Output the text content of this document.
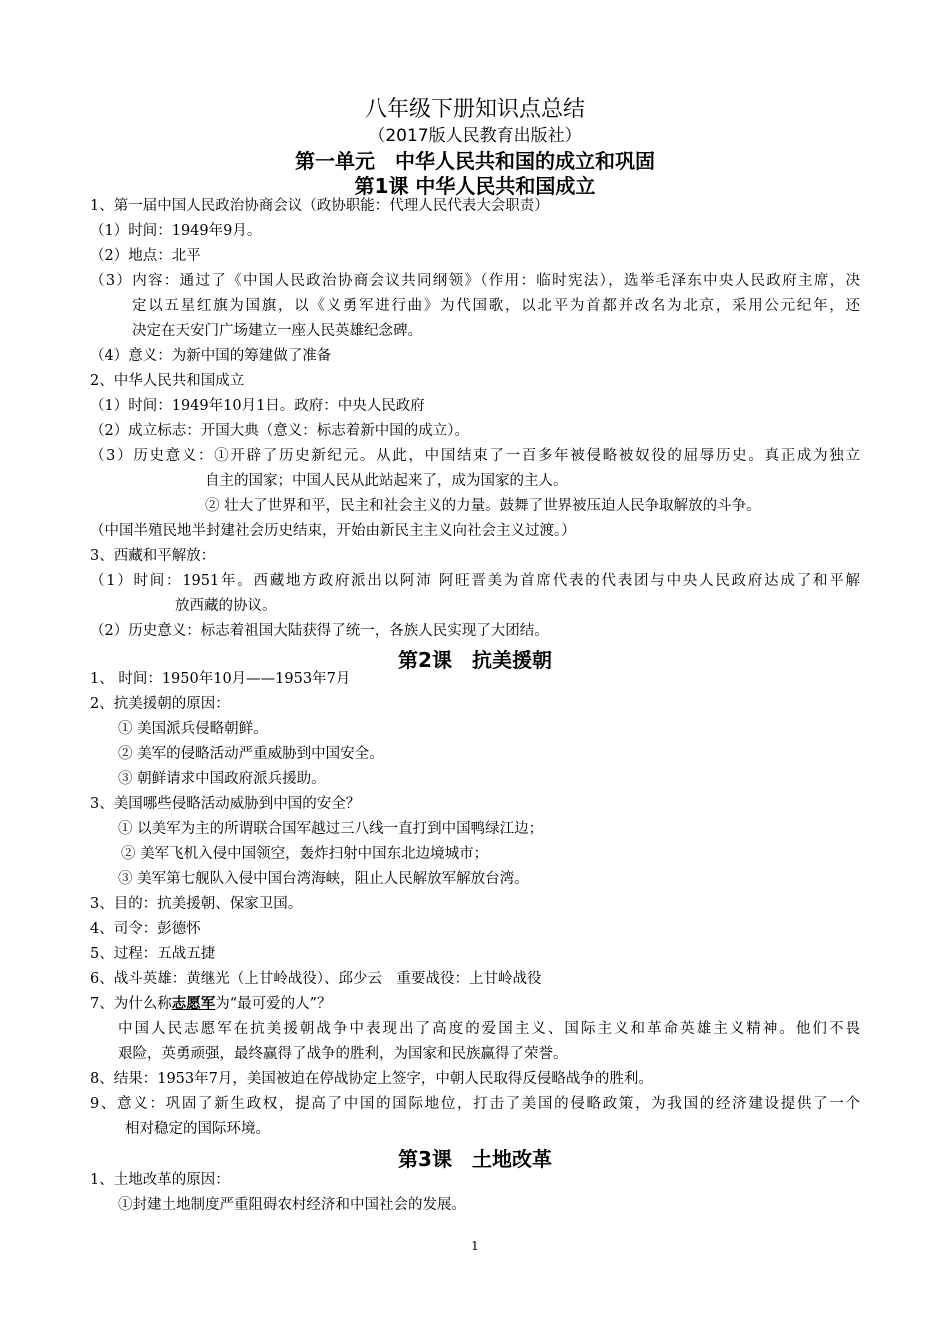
八年级下册知识点总结
（2017版人民教育出版社）
第一单元　中华人民共和国的成立和巩固
第1课 中华人民共和国成立
1、第一届中国人民政治协商会议（政协职能：代理人民代表大会职责）
（1）时间：1949年9月。
（2）地点：北平
（3）内容：通过了《中国人民政治协商会议共同纲领》（作用：临时宪法），选举毛泽东中央人民政府主席，决
定以五星红旗为国旗，以《义勇军进行曲》为代国歌，以北平为首都并改名为北京，采用公元纪年，还
决定在天安门广场建立一座人民英雄纪念碑。
（4）意义：为新中国的筹建做了准备
2、中华人民共和国成立
（1）时间：1949年10月1日。政府：中央人民政府
（2）成立标志：开国大典（意义：标志着新中国的成立）。
（3）历史意义：①开辟了历史新纪元。从此，中国结束了一百多年被侵略被奴役的屈辱历史。真正成为独立
自主的国家；中国人民从此站起来了，成为国家的主人。
② 壮大了世界和平，民主和社会主义的力量。鼓舞了世界被压迫人民争取解放的斗争。
（中国半殖民地半封建社会历史结束，开始由新民主主义向社会主义过渡。）
3、西藏和平解放：
（1）时间：1951年。西藏地方政府派出以阿沛 阿旺晋美为首席代表的代表团与中央人民政府达成了和平解
放西藏的协议。
（2）历史意义：标志着祖国大陆获得了统一，各族人民实现了大团结。
第2课　抗美援朝
1、 时间：1950年10月——1953年7月
2、抗美援朝的原因：
① 美国派兵侵略朝鲜。
② 美军的侵略活动严重威胁到中国安全。
③ 朝鲜请求中国政府派兵援助。
3、美国哪些侵略活动威胁到中国的安全？
① 以美军为主的所谓联合国军越过三八线一直打到中国鸭绿江边；
② 美军飞机入侵中国领空，轰炸扫射中国东北边境城市；
③ 美军第七舰队入侵中国台湾海峡，阻止人民解放军解放台湾。
3、目的：抗美援朝、保家卫国。
4、司令：彭德怀
5、过程：五战五捷
6、战斗英雄：黄继光（上甘岭战役）、邱少云　重要战役：上甘岭战役
7、为什么称志愿军为“最可爱的人”？
中国人民志愿军在抗美援朝战争中表现出了高度的爱国主义、国际主义和革命英雄主义精神。他们不畏
艰险，英勇顽强，最终赢得了战争的胜利，为国家和民族赢得了荣誉。
8、结果：1953年7月，美国被迫在停战协定上签字，中朝人民取得反侵略战争的胜利。
9、意义：巩固了新生政权，提高了中国的国际地位，打击了美国的侵略政策，为我国的经济建设提供了一个
相对稳定的国际环境。
第3课　土地改革
1、土地改革的原因：
①封建土地制度严重阻碍农村经济和中国社会的发展。
1
